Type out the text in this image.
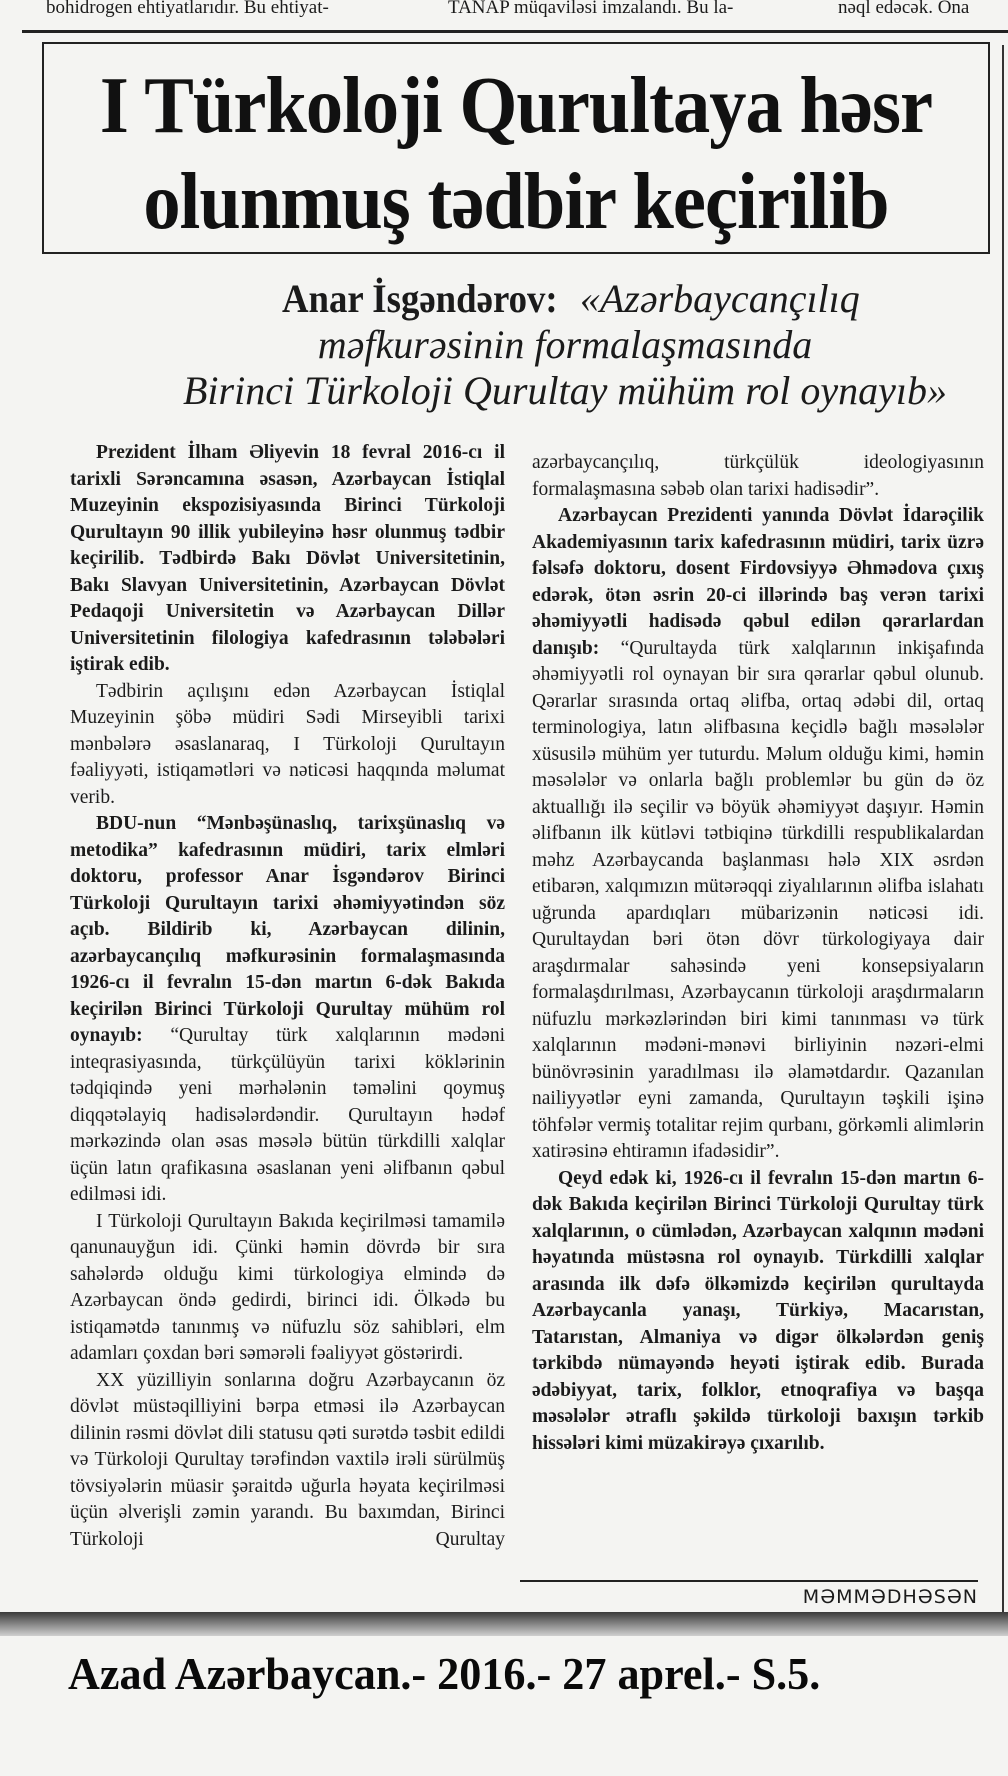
bohidrogen ehtiyatlarıdır. Bu ehtiyat-	TANAP müqaviləsi imzalandı. Bu la-	nəql edəcək. Ona
I Türkoloji Qurultaya həsr
olunmuş tədbir keçirilib
Anar İsgəndərov: «Azərbaycançılıq
məfkurəsinin formalaşmasında
Birinci Türkoloji Qurultay mühüm rol oynayıb»

Prezident İlham Əliyevin 18 fevral 2016-cı il tarixli Sərəncamına əsasən, Azərbaycan İstiqlal Muzeyinin ekspozisiyasında Birinci Türkoloji Qurultayın 90 illik yubileyinə həsr olunmuş tədbir keçirilib. Tədbirdə Bakı Dövlət Universitetinin, Bakı Slavyan Universitetinin, Azərbaycan Dövlət Pedaqoji Universitetin və Azərbaycan Dillər Universitetinin filologiya kafedrasının tələbələri iştirak edib.

Tədbirin açılışını edən Azərbaycan İstiqlal Muzeyinin şöbə müdiri Sədi Mirseyibli tarixi mənbələrə əsaslanaraq, I Türkoloji Qurultayın fəaliyyəti, istiqamətləri və nəticəsi haqqında məlumat verib.

BDU-nun “Mənbəşünaslıq, tarixşünaslıq və metodika” kafedrasının müdiri, tarix elmləri doktoru, professor Anar İsgəndərov Birinci Türkoloji Qurultayın tarixi əhəmiyyətindən söz açıb. Bildirib ki, Azərbaycan dilinin, azərbaycançılıq məfkurəsinin formalaşmasında 1926-cı il fevralın 15-dən martın 6-dək Bakıda keçirilən Birinci Türkoloji Qurultay mühüm rol oynayıb: “Qurultay türk xalqlarının mədəni inteqrasiyasında, türkçülüyün tarixi köklərinin tədqiqində yeni mərhələnin təməlini qoymuş diqqətəlayiq hadisələrdəndir. Qurultayın hədəf mərkəzində olan əsas məsələ bütün türkdilli xalqlar üçün latın qrafikasına əsaslanan yeni əlifbanın qəbul edilməsi idi.

I Türkoloji Qurultayın Bakıda keçirilməsi tamamilə qanunauyğun idi. Çünki həmin dövrdə bir sıra sahələrdə olduğu kimi türkologiya elmində də Azərbaycan öndə gedirdi, birinci idi. Ölkədə bu istiqamətdə tanınmış və nüfuzlu söz sahibləri, elm adamları çoxdan bəri səmərəli fəaliyyət göstərirdi.

XX yüzilliyin sonlarına doğru Azərbaycanın öz dövlət müstəqilliyini bərpa etməsi ilə Azərbaycan dilinin rəsmi dövlət dili statusu qəti surətdə təsbit edildi və Türkoloji Qurultay tərəfindən vaxtilə irəli sürülmüş tövsiyələrin müasir şəraitdə uğurla həyata keçirilməsi üçün əlverişli zəmin yarandı. Bu baxımdan, Birinci Türkoloji Qurultay

azərbaycançılıq, türkçülük ideologiyasının formalaşmasına səbəb olan tarixi hadisədir”.

Azərbaycan Prezidenti yanında Dövlət İdarəçilik Akademiyasının tarix kafedrasının müdiri, tarix üzrə fəlsəfə doktoru, dosent Firdovsiyyə Əhmədova çıxış edərək, ötən əsrin 20-ci illərində baş verən tarixi əhəmiyyətli hadisədə qəbul edilən qərarlardan danışıb: “Qurultayda türk xalqlarının inkişafında əhəmiyyətli rol oynayan bir sıra qərarlar qəbul olunub. Qərarlar sırasında ortaq əlifba, ortaq ədəbi dil, ortaq terminologiya, latın əlifbasına keçidlə bağlı məsələlər xüsusilə mühüm yer tuturdu. Məlum olduğu kimi, həmin məsələlər və onlarla bağlı problemlər bu gün də öz aktuallığı ilə seçilir və böyük əhəmiyyət daşıyır. Həmin əlifbanın ilk kütləvi tətbiqinə türkdilli respublikalardan məhz Azərbaycanda başlanması hələ XIX əsrdən etibarən, xalqımızın mütərəqqi ziyalılarının əlifba islahatı uğrunda apardıqları mübarizənin nəticəsi idi. Qurultaydan bəri ötən dövr türkologiyaya dair araşdırmalar sahəsində yeni konsepsiyaların formalaşdırılması, Azərbaycanın türkoloji araşdırmaların nüfuzlu mərkəzlərindən biri kimi tanınması və türk xalqlarının mədəni-mənəvi birliyinin nəzəri-elmi bünövrəsinin yaradılması ilə əlamətdardır. Qazanılan nailiyyətlər eyni zamanda, Qurultayın təşkili işinə töhfələr vermiş totalitar rejim qurbanı, görkəmli alimlərin xatirəsinə ehtiramın ifadəsidir”.

Qeyd edək ki, 1926-cı il fevralın 15-dən martın 6-dək Bakıda keçirilən Birinci Türkoloji Qurultay türk xalqlarının, o cümlədən, Azərbaycan xalqının mədəni həyatında müstəsna rol oynayıb. Türkdilli xalqlar arasında ilk dəfə ölkəmizdə keçirilən qurultayda Azərbaycanla yanaşı, Türkiyə, Macarıstan, Tatarıstan, Almaniya və digər ölkələrdən geniş tərkibdə nümayəndə heyəti iştirak edib. Burada ədəbiyyat, tarix, folklor, etnoqrafiya və başqa məsələlər ətraflı şəkildə türkoloji baxışın tərkib hissələri kimi müzakirəyə çıxarılıb.

MƏMMƏDHƏSƏN
Azad Azərbaycan.- 2016.- 27 aprel.- S.5.
